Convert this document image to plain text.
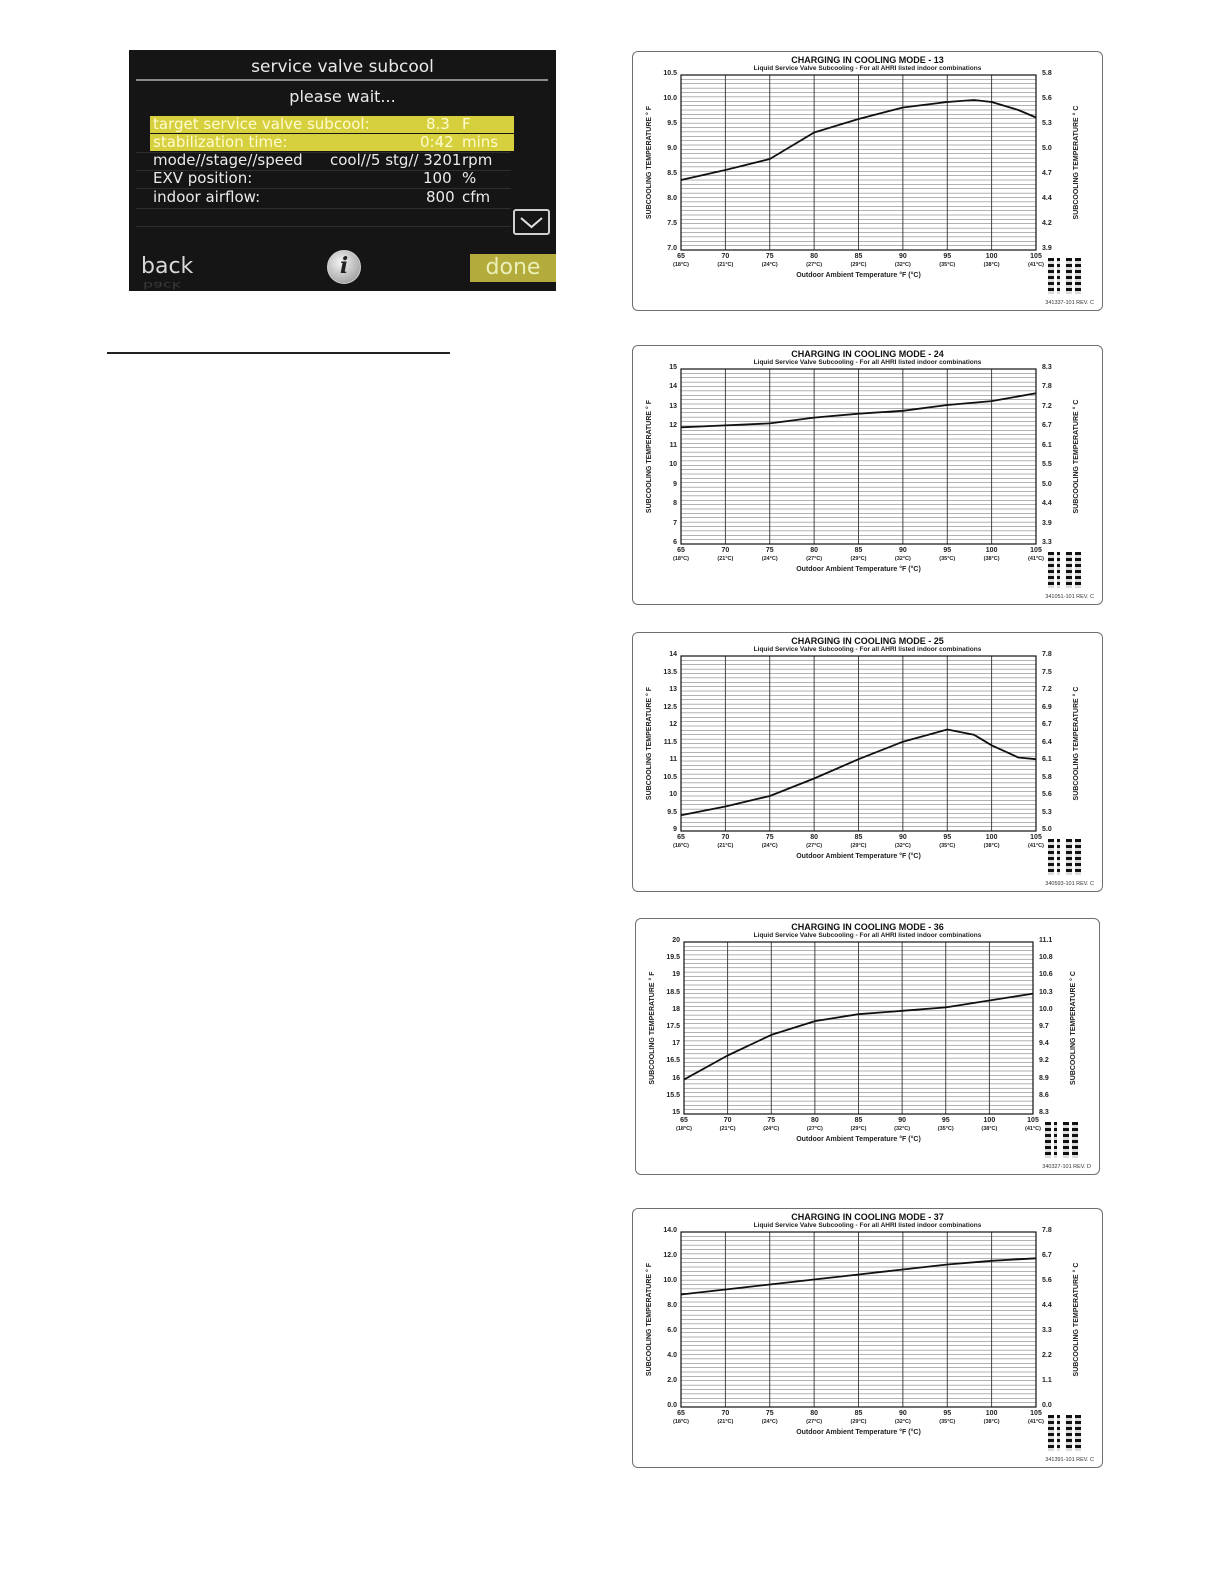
service valve subcool
please wait...
target service valve subcool:	8.3 F
stabilization time:	0:42 mins
mode//stage//speed cool//5 stg// 3201 rpm
EXV position:	100 %
indoor airflow:	800 cfm
back
back
i	done
CHARGING IN COOLING MODE - 13
Liquid Service Valve Subcooling - For all AHRI listed indoor combinations
SUBCOOLING TEMPERATURE ° F	SUBCOOLING TEMPERATURE ° C
7.0	3.9
7.5	4.2
8.0	4.4
8.5	4.7
9.0	5.0
9.5	5.3
10.0	5.6
10.5	5.8
65
(18°C)
70
(21°C)
75
(24°C)
80
(27°C)
85
(29°C)
90
(32°C)
95
(35°C)
100
(38°C)
105
(41°C)
Outdoor Ambient Temperature °F (°C)
341337-101 REV. C
CHARGING IN COOLING MODE - 24
Liquid Service Valve Subcooling - For all AHRI listed indoor combinations
SUBCOOLING TEMPERATURE ° F	SUBCOOLING TEMPERATURE ° C
6	3.3
7	3.9
8	4.4
9	5.0
10	5.5
11	6.1
12	6.7
13	7.2
14	7.8
15	8.3
65
(18°C)
70
(21°C)
75
(24°C)
80
(27°C)
85
(29°C)
90
(32°C)
95
(35°C)
100
(38°C)
105
(41°C)
Outdoor Ambient Temperature °F (°C)
341051-101 REV. C
CHARGING IN COOLING MODE - 25
Liquid Service Valve Subcooling - For all AHRI listed indoor combinations
SUBCOOLING TEMPERATURE ° F	SUBCOOLING TEMPERATURE ° C
9	5.0
9.5	5.3
10	5.6
10.5	5.8
11	6.1
11.5	6.4
12	6.7
12.5	6.9
13	7.2
13.5	7.5
14	7.8
65
(18°C)
70
(21°C)
75
(24°C)
80
(27°C)
85
(29°C)
90
(32°C)
95
(35°C)
100
(38°C)
105
(41°C)
Outdoor Ambient Temperature °F (°C)
340593-101 REV. C
CHARGING IN COOLING MODE - 36
Liquid Service Valve Subcooling - For all AHRI listed indoor combinations
SUBCOOLING TEMPERATURE ° F	SUBCOOLING TEMPERATURE ° C
15	8.3
15.5	8.6
16	8.9
16.5	9.2
17	9.4
17.5	9.7
18	10.0
18.5	10.3
19	10.6
19.5	10.8
20	11.1
65
(18°C)
70
(21°C)
75
(24°C)
80
(27°C)
85
(29°C)
90
(32°C)
95
(35°C)
100
(38°C)
105
(41°C)
Outdoor Ambient Temperature °F (°C)
340327-101 REV. D
CHARGING IN COOLING MODE - 37
Liquid Service Valve Subcooling - For all AHRI listed indoor combinations
SUBCOOLING TEMPERATURE ° F	SUBCOOLING TEMPERATURE ° C
0.0	0.0
2.0	1.1
4.0	2.2
6.0	3.3
8.0	4.4
10.0	5.6
12.0	6.7
14.0	7.8
65
(18°C)
70
(21°C)
75
(24°C)
80
(27°C)
85
(29°C)
90
(32°C)
95
(35°C)
100
(38°C)
105
(41°C)
Outdoor Ambient Temperature °F (°C)
341391-101 REV. C
